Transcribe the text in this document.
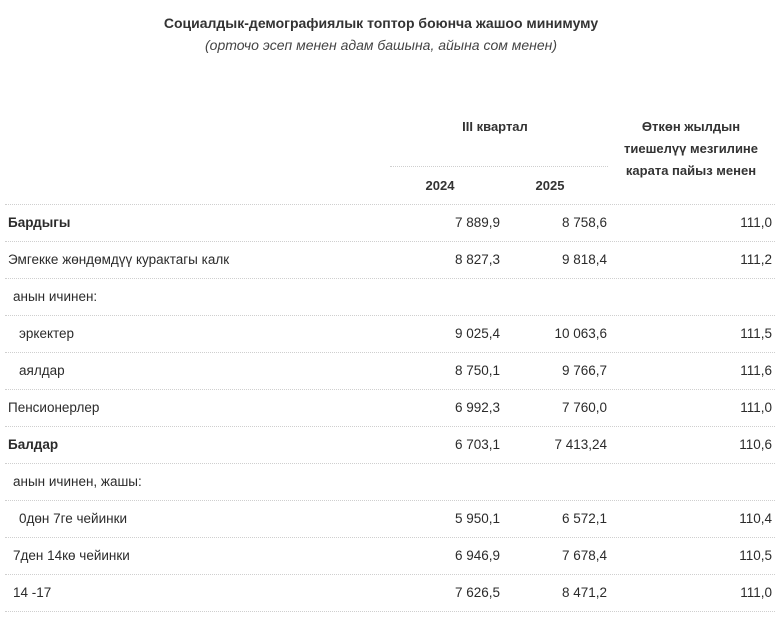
Социалдык-демографиялык топтор боюнча жашоо минимуму
(орточо эсеп менен адам башына, айына сом менен)
III квартал
2024	2025
Өткөн жылдын
тиешелүү мезгилине
карата пайыз менен
Бардыгы	7 889,9	8 758,6	111,0
Эмгекке жөндөмдүү курактагы калк	8 827,3	9 818,4	111,2
анын ичинен:
эркектер	9 025,4	10 063,6	111,5
аялдар	8 750,1	9 766,7	111,6
Пенсионерлер	6 992,3	7 760,0	111,0
Балдар	6 703,1	7 413,24	110,6
анын ичинен, жашы:
0дөн 7ге чейинки	5 950,1	6 572,1	110,4
7ден 14кө чейинки	6 946,9	7 678,4	110,5
14 -17	7 626,5	8 471,2	111,0
